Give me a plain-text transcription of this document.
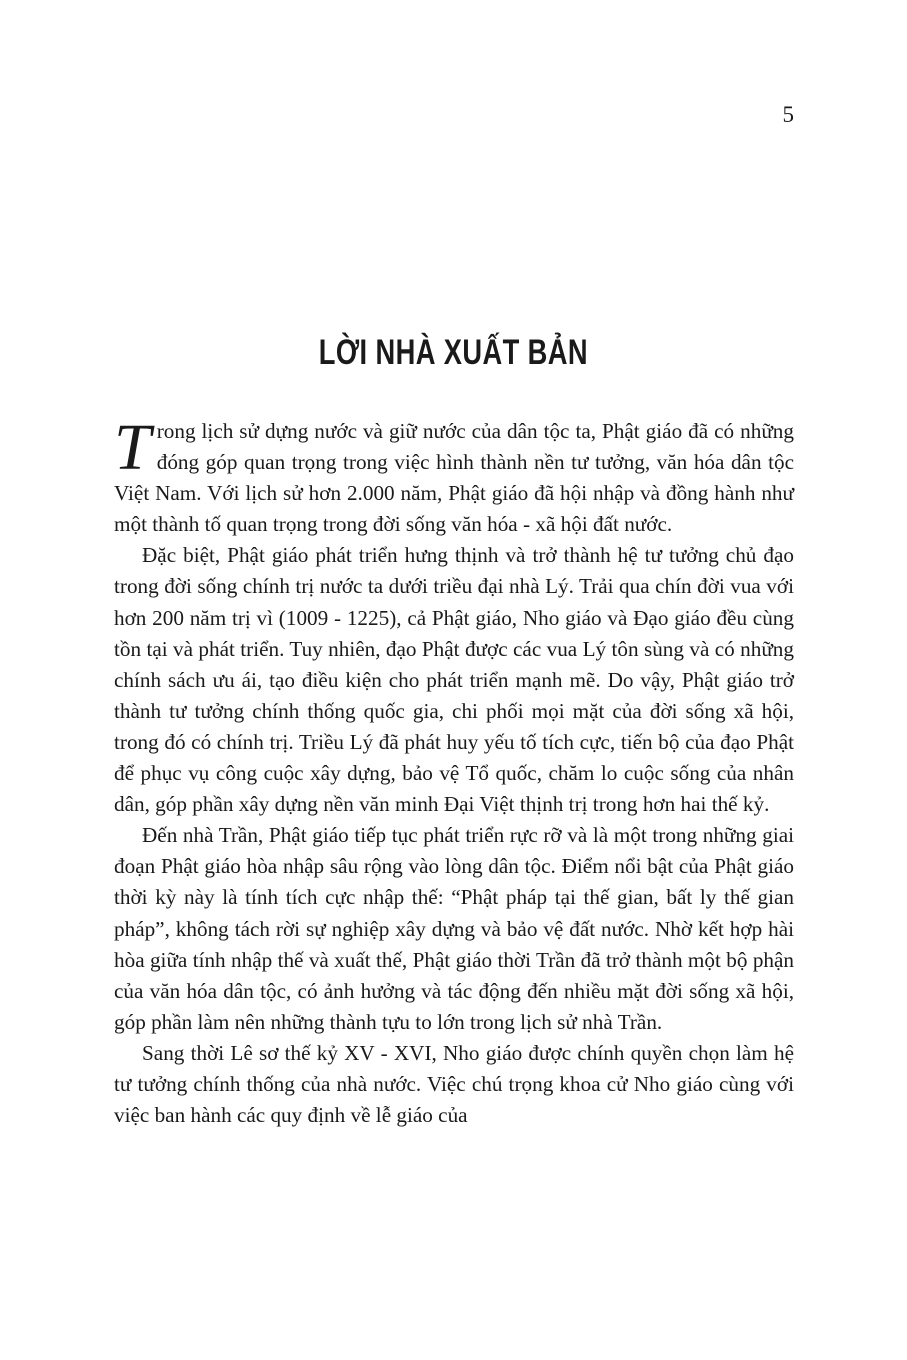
5
LỜI NHÀ XUẤT BẢN

Trong lịch sử dựng nước và giữ nước của dân tộc ta, Phật giáo đã có những đóng góp quan trọng trong việc hình thành nền tư tưởng, văn hóa dân tộc Việt Nam. Với lịch sử hơn 2.000 năm, Phật giáo đã hội nhập và đồng hành như một thành tố quan trọng trong đời sống văn hóa - xã hội đất nước.

Đặc biệt, Phật giáo phát triển hưng thịnh và trở thành hệ tư tưởng chủ đạo trong đời sống chính trị nước ta dưới triều đại nhà Lý. Trải qua chín đời vua với hơn 200 năm trị vì (1009 - 1225), cả Phật giáo, Nho giáo và Đạo giáo đều cùng tồn tại và phát triển. Tuy nhiên, đạo Phật được các vua Lý tôn sùng và có những chính sách ưu ái, tạo điều kiện cho phát triển mạnh mẽ. Do vậy, Phật giáo trở thành tư tưởng chính thống quốc gia, chi phối mọi mặt của đời sống xã hội, trong đó có chính trị. Triều Lý đã phát huy yếu tố tích cực, tiến bộ của đạo Phật để phục vụ công cuộc xây dựng, bảo vệ Tổ quốc, chăm lo cuộc sống của nhân dân, góp phần xây dựng nền văn minh Đại Việt thịnh trị trong hơn hai thế kỷ.

Đến nhà Trần, Phật giáo tiếp tục phát triển rực rỡ và là một trong những giai đoạn Phật giáo hòa nhập sâu rộng vào lòng dân tộc. Điểm nổi bật của Phật giáo thời kỳ này là tính tích cực nhập thế: “Phật pháp tại thế gian, bất ly thế gian pháp”, không tách rời sự nghiệp xây dựng và bảo vệ đất nước. Nhờ kết hợp hài hòa giữa tính nhập thế và xuất thế, Phật giáo thời Trần đã trở thành một bộ phận của văn hóa dân tộc, có ảnh hưởng và tác động đến nhiều mặt đời sống xã hội, góp phần làm nên những thành tựu to lớn trong lịch sử nhà Trần.

Sang thời Lê sơ thế kỷ XV - XVI, Nho giáo được chính quyền chọn làm hệ tư tưởng chính thống của nhà nước. Việc chú trọng khoa cử Nho giáo cùng với việc ban hành các quy định về lễ giáo của
